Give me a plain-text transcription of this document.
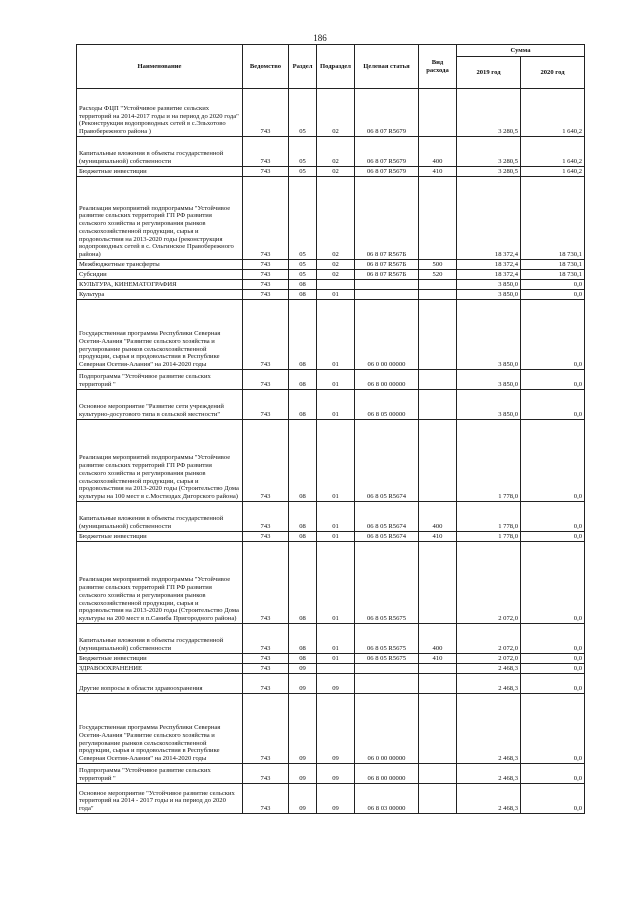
186
Наименование	Ведомство	Раздел	Подраздел	Целевая статья	Вид расхода	Сумма	
						2019 год	2020 год
Расходы ФЦП "Устойчивое развитие сельских территорий на 2014-2017 годы и на период до 2020 года" (Реконструкция водопроводных сетей в с.Эльхотово Правобережного района )	743	05	02	06 8 07 R5679		3 280,5	1 640,2
Капитальные вложения в объекты государственной (муниципальной) собственности	743	05	02	06 8 07 R5679	400	3 280,5	1 640,2
Бюджетные инвестиции	743	05	02	06 8 07 R5679	410	3 280,5	1 640,2
Реализация мероприятий подпрограммы "Устойчивое развитие сельских территорий ГП РФ развития сельского хозяйства и регулирования рынков сельскохозяйственной продукции, сырья и продовольствия на 2013-2020 годы (реконструкция водопроводных сетей в с. Ольгинское Правобережного района)	743	05	02	06 8 07 R567Б		18 372,4	18 730,1
Межбюджетные трансферты	743	05	02	06 8 07 R567Б	500	18 372,4	18 730,1
Субсидии	743	05	02	06 8 07 R567Б	520	18 372,4	18 730,1
КУЛЬТУРА, КИНЕМАТОГРАФИЯ	743	08				3 850,0	0,0
Культура	743	08	01			3 850,0	0,0
Государственная программа Республики Северная Осетия-Алания "Развитие сельского хозяйства и регулирование рынков сельскохозяйственной продукции, сырья и продовольствия в Республике Северная Осетия-Алания" на 2014-2020 годы	743	08	01	06 0 00 00000		3 850,0	0,0
Подпрограмма "Устойчивое развитие сельских территорий "	743	08	01	06 8 00 00000		3 850,0	0,0
Основное мероприятие "Развитие сети учреждений культурно-досугового типа в сельской местности"	743	08	01	06 8 05 00000		3 850,0	0,0
Реализация мероприятий подпрограммы "Устойчивое развитие сельских территорий ГП РФ развития сельского хозяйства и регулирования рынков сельскохозяйственной продукции, сырья и продовольствия на 2013-2020 годы (Строительство Дома культуры на 100 мест в с.Мостиздах Дигорского района)	743	08	01	06 8 05 R5674		1 778,0	0,0
Капитальные вложения в объекты государственной (муниципальной) собственности	743	08	01	06 8 05 R5674	400	1 778,0	0,0
Бюджетные инвестиции	743	08	01	06 8 05 R5674	410	1 778,0	0,0
Реализация мероприятий подпрограммы "Устойчивое развитие сельских территорий ГП РФ развития сельского хозяйства и регулирования рынков сельскохозяйственной продукции, сырья и продовольствия на 2013-2020 годы (Строительство Дома культуры на 200 мест в п.Саниба Пригородного района)	743	08	01	06 8 05 R5675		2 072,0	0,0
Капитальные вложения в объекты государственной (муниципальной) собственности	743	08	01	06 8 05 R5675	400	2 072,0	0,0
Бюджетные инвестиции	743	08	01	06 8 05 R5675	410	2 072,0	0,0
ЗДРАВООХРАНЕНИЕ	743	09				2 468,3	0,0
Другие вопросы в области здравоохранения	743	09	09			2 468,3	0,0
Государственная программа Республики Северная Осетия-Алания "Развитие сельского хозяйства и регулирование рынков сельскохозяйственной продукции, сырья и продовольствия в Республике Северная Осетия-Алания" на 2014-2020 годы	743	09	09	06 0 00 00000		2 468,3	0,0
Подпрограмма "Устойчивое развитие сельских территорий "	743	09	09	06 8 00 00000		2 468,3	0,0
Основное мероприятие "Устойчивое развитие сельских территорий на 2014 - 2017 годы и на период до 2020 года"	743	09	09	06 8 03 00000		2 468,3	0,0
